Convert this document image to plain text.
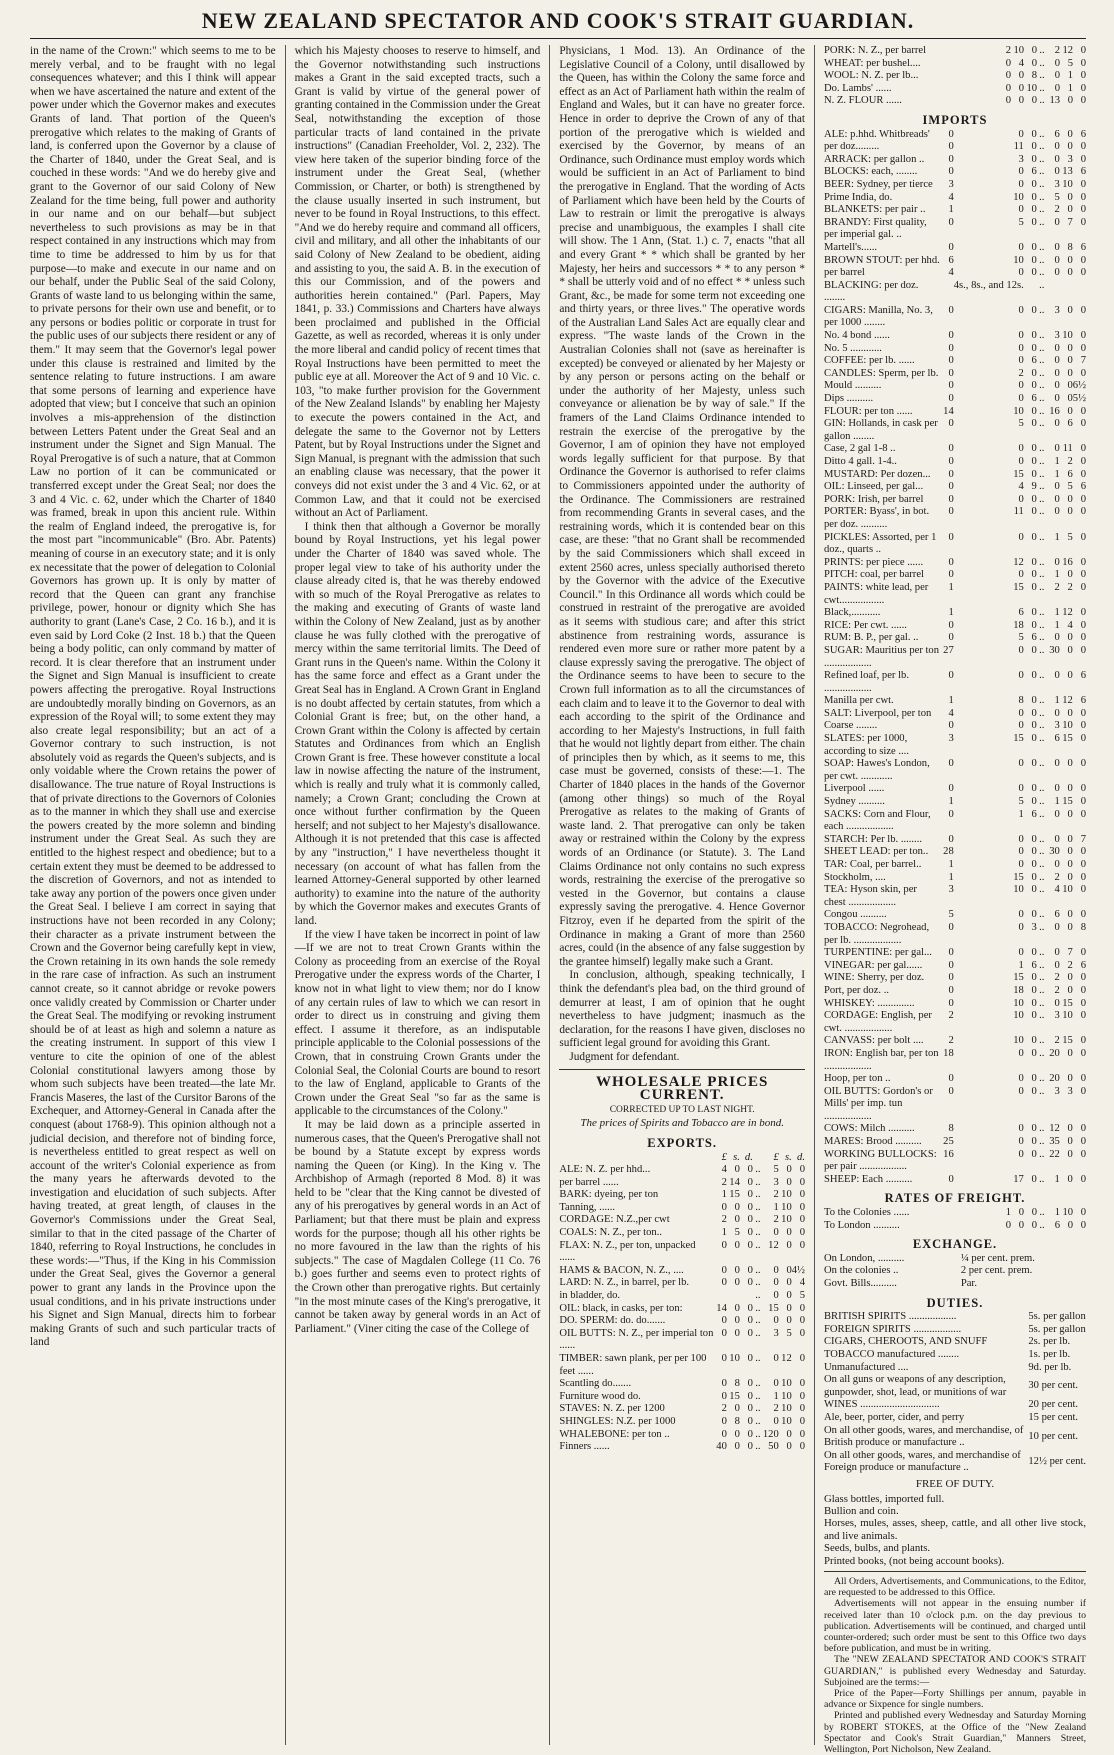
NEW ZEALAND SPECTATOR AND COOK'S STRAIT GUARDIAN.

in the name of the Crown:" which seems to me to be merely verbal, and to be fraught with no legal consequences whatever; and this I think will appear when we have ascertained the nature and extent of the power under which the Governor makes and executes Grants of land. That portion of the Queen's prerogative which relates to the making of Grants of land, is conferred upon the Governor by a clause of the Charter of 1840, under the Great Seal, and is couched in these words: "And we do hereby give and grant to the Governor of our said Colony of New Zealand for the time being, full power and authority in our name and on our behalf—but subject nevertheless to such provisions as may be in that respect contained in any instructions which may from time to time be addressed to him by us for that purpose—to make and execute in our name and on our behalf, under the Public Seal of the said Colony, Grants of waste land to us belonging within the same, to private persons for their own use and benefit, or to any persons or bodies politic or corporate in trust for the public uses of our subjects there resident or any of them." It may seem that the Governor's legal power under this clause is restrained and limited by the sentence relating to future instructions. I am aware that some persons of learning and experience have adopted that view; but I conceive that such an opinion involves a mis-apprehension of the distinction between Letters Patent under the Great Seal and an instrument under the Signet and Sign Manual. The Royal Prerogative is of such a nature, that at Common Law no portion of it can be communicated or transferred except under the Great Seal; nor does the 3 and 4 Vic. c. 62, under which the Charter of 1840 was framed, break in upon this ancient rule. Within the realm of England indeed, the prerogative is, for the most part "incommunicable" (Bro. Abr. Patents) meaning of course in an executory state; and it is only ex necessitate that the power of delegation to Colonial Governors has grown up. It is only by matter of record that the Queen can grant any franchise privilege, power, honour or dignity which She has authority to grant (Lane's Case, 2 Co. 16 b.), and it is even said by Lord Coke (2 Inst. 18 b.) that the Queen being a body politic, can only command by matter of record. It is clear therefore that an instrument under the Signet and Sign Manual is insufficient to create powers affecting the prerogative. Royal Instructions are undoubtedly morally binding on Governors, as an expression of the Royal will; to some extent they may also create legal responsibility; but an act of a Governor contrary to such instruction, is not absolutely void as regards the Queen's subjects, and is only voidable where the Crown retains the power of disallowance. The true nature of Royal Instructions is that of private directions to the Governors of Colonies as to the manner in which they shall use and exercise the powers created by the more solemn and binding instrument under the Great Seal. As such they are entitled to the highest respect and obedience; but to a certain extent they must be deemed to be addressed to the discretion of Governors, and not as intended to take away any portion of the powers once given under the Great Seal. I believe I am correct in saying that instructions have not been recorded in any Colony; their character as a private instrument between the Crown and the Governor being carefully kept in view, the Crown retaining in its own hands the sole remedy in the rare case of infraction. As such an instrument cannot create, so it cannot abridge or revoke powers once validly created by Commission or Charter under the Great Seal. The modifying or revoking instrument should be of at least as high and solemn a nature as the creating instrument. In support of this view I venture to cite the opinion of one of the ablest Colonial constitutional lawyers among those by whom such subjects have been treated—the late Mr. Francis Maseres, the last of the Cursitor Barons of the Exchequer, and Attorney-General in Canada after the conquest (about 1768-9). This opinion although not a judicial decision, and therefore not of binding force, is nevertheless entitled to great respect as well on account of the writer's Colonial experience as from the many years he afterwards devoted to the investigation and elucidation of such subjects. After having treated, at great length, of clauses in the Governor's Commissions under the Great Seal, similar to that in the cited passage of the Charter of 1840, referring to Royal Instructions, he concludes in these words:—"Thus, if the King in his Commission under the Great Seal, gives the Governor a general power to grant any lands in the Province upon the usual conditions, and in his private instructions under his Signet and Sign Manual, directs him to forbear making Grants of such and such particular tracts of land

which his Majesty chooses to reserve to himself, and the Governor notwithstanding such instructions makes a Grant in the said excepted tracts, such a Grant is valid by virtue of the general power of granting contained in the Commission under the Great Seal, notwithstanding the exception of those particular tracts of land contained in the private instructions" (Canadian Freeholder, Vol. 2, 232). The view here taken of the superior binding force of the instrument under the Great Seal, (whether Commission, or Charter, or both) is strengthened by the clause usually inserted in such instrument, but never to be found in Royal Instructions, to this effect. "And we do hereby require and command all officers, civil and military, and all other the inhabitants of our said Colony of New Zealand to be obedient, aiding and assisting to you, the said A. B. in the execution of this our Commission, and of the powers and authorities herein contained." (Parl. Papers, May 1841, p. 33.) Commissions and Charters have always been proclaimed and published in the Official Gazette, as well as recorded, whereas it is only under the more liberal and candid policy of recent times that Royal Instructions have been permitted to meet the public eye at all. Moreover the Act of 9 and 10 Vic. c. 103, "to make further provision for the Government of the New Zealand Islands" by enabling her Majesty to execute the powers contained in the Act, and delegate the same to the Governor not by Letters Patent, but by Royal Instructions under the Signet and Sign Manual, is pregnant with the admission that such an enabling clause was necessary, that the power it conveys did not exist under the 3 and 4 Vic. 62, or at Common Law, and that it could not be exercised without an Act of Parliament.

I think then that although a Governor be morally bound by Royal Instructions, yet his legal power under the Charter of 1840 was saved whole. The proper legal view to take of his authority under the clause already cited is, that he was thereby endowed with so much of the Royal Prerogative as relates to the making and executing of Grants of waste land within the Colony of New Zealand, just as by another clause he was fully clothed with the prerogative of mercy within the same territorial limits. The Deed of Grant runs in the Queen's name. Within the Colony it has the same force and effect as a Grant under the Great Seal has in England. A Crown Grant in England is no doubt affected by certain statutes, from which a Colonial Grant is free; but, on the other hand, a Crown Grant within the Colony is affected by certain Statutes and Ordinances from which an English Crown Grant is free. These however constitute a local law in nowise affecting the nature of the instrument, which is really and truly what it is commonly called, namely; a Crown Grant; concluding the Crown at once without further confirmation by the Queen herself; and not subject to her Majesty's disallowance. Although it is not pretended that this case is affected by any "instruction," I have nevertheless thought it necessary (on account of what has fallen from the learned Attorney-General supported by other learned authority) to examine into the nature of the authority by which the Governor makes and executes Grants of land.

If the view I have taken be incorrect in point of law—If we are not to treat Crown Grants within the Colony as proceeding from an exercise of the Royal Prerogative under the express words of the Charter, I know not in what light to view them; nor do I know of any certain rules of law to which we can resort in order to direct us in construing and giving them effect. I assume it therefore, as an indisputable principle applicable to the Colonial possessions of the Crown, that in construing Crown Grants under the Colonial Seal, the Colonial Courts are bound to resort to the law of England, applicable to Grants of the Crown under the Great Seal "so far as the same is applicable to the circumstances of the Colony."

It may be laid down as a principle asserted in numerous cases, that the Queen's Prerogative shall not be bound by a Statute except by express words naming the Queen (or King). In the King v. The Archbishop of Armagh (reported 8 Mod. 8) it was held to be "clear that the King cannot be divested of any of his prerogatives by general words in an Act of Parliament; but that there must be plain and express words for the purpose; though all his other rights be no more favoured in the law than the rights of his subjects." The case of Magdalen College (11 Co. 76 b.) goes further and seems even to protect rights of the Crown other than prerogative rights. But certainly "in the most minute cases of the King's prerogative, it cannot be taken away by general words in an Act of Parliament." (Viner citing the case of the College of

Physicians, 1 Mod. 13). An Ordinance of the Legislative Council of a Colony, until disallowed by the Queen, has within the Colony the same force and effect as an Act of Parliament hath within the realm of England and Wales, but it can have no greater force. Hence in order to deprive the Crown of any of that portion of the prerogative which is wielded and exercised by the Governor, by means of an Ordinance, such Ordinance must employ words which would be sufficient in an Act of Parliament to bind the prerogative in England. That the wording of Acts of Parliament which have been held by the Courts of Law to restrain or limit the prerogative is always precise and unambiguous, the examples I shall cite will show. The 1 Ann, (Stat. 1.) c. 7, enacts "that all and every Grant * * which shall be granted by her Majesty, her heirs and successors * * to any person * * shall be utterly void and of no effect * * unless such Grant, &c., be made for some term not exceeding one and thirty years, or three lives." The operative words of the Australian Land Sales Act are equally clear and express. "The waste lands of the Crown in the Australian Colonies shall not (save as hereinafter is excepted) be conveyed or alienated by her Majesty or by any person or persons acting on the behalf or under the authority of her Majesty, unless such conveyance or alienation be by way of sale." If the framers of the Land Claims Ordinance intended to restrain the exercise of the prerogative by the Governor, I am of opinion they have not employed words legally sufficient for that purpose. By that Ordinance the Governor is authorised to refer claims to Commissioners appointed under the authority of the Ordinance. The Commissioners are restrained from recommending Grants in several cases, and the restraining words, which it is contended bear on this case, are these: "that no Grant shall be recommended by the said Commissioners which shall exceed in extent 2560 acres, unless specially authorised thereto by the Governor with the advice of the Executive Council." In this Ordinance all words which could be construed in restraint of the prerogative are avoided as it seems with studious care; and after this strict abstinence from restraining words, assurance is rendered even more sure or rather more patent by a clause expressly saving the prerogative. The object of the Ordinance seems to have been to secure to the Crown full information as to all the circumstances of each claim and to leave it to the Governor to deal with each according to the spirit of the Ordinance and according to her Majesty's Instructions, in full faith that he would not lightly depart from either. The chain of principles then by which, as it seems to me, this case must be governed, consists of these:—1. The Charter of 1840 places in the hands of the Governor (among other things) so much of the Royal Prerogative as relates to the making of Grants of waste land. 2. That prerogative can only be taken away or restrained within the Colony by the express words of an Ordinance (or Statute). 3. The Land Claims Ordinance not only contains no such express words, restraining the exercise of the prerogative so vested in the Governor, but contains a clause expressly saving the prerogative. 4. Hence Governor Fitzroy, even if he departed from the spirit of the Ordinance in making a Grant of more than 2560 acres, could (in the absence of any false suggestion by the grantee himself) legally make such a Grant.

In conclusion, although, speaking technically, I think the defendant's plea bad, on the third ground of demurrer at least, I am of opinion that he ought nevertheless to have judgment; inasmuch as the declaration, for the reasons I have given, discloses no sufficient legal ground for avoiding this Grant.

Judgment for defendant.

WHOLESALE PRICES CURRENT.
CORRECTED UP TO LAST NIGHT.
The prices of Spirits and Tobacco are in bond.
EXPORTS.
	£	s.	d.		£	s.	d.
ALE: N. Z. per hhd...	4	0	0	..	5	0	0
per barrel ......	2	14	0	..	3	0	0
BARK: dyeing, per ton	1	15	0	..	2	10	0
Tanning, ......	0	0	0	..	1	10	0
CORDAGE: N.Z.,per cwt	2	0	0	..	2	10	0
COALS: N. Z., per ton..	1	5	0	..	0	0	0
FLAX: N. Z., per ton, unpacked ......	0	0	0	..	12	0	0
HAMS & BACON, N. Z., ....	0	0	0	..	0	0	4½
LARD: N. Z., in barrel, per lb.	0	0	0	..	0	0	4
in bladder, do.				..	0	0	5
OIL: black, in casks, per ton:	14	0	0	..	15	0	0
DO. SPERM: do. do.......	0	0	0	..	0	0	0
OIL BUTTS: N. Z., per imperial ton ......	0	0	0	..	3	5	0
TIMBER: sawn plank, per per 100 feet ......	0	10	0	..	0	12	0
Scantling do.......	0	8	0	..	0	10	0
Furniture wood do.	0	15	0	..	1	10	0
STAVES: N. Z. per 1200	2	0	0	..	2	10	0
SHINGLES: N.Z. per 1000	0	8	0	..	0	10	0
WHALEBONE: per ton ..	0	0	0	..	120	0	0
Finners ......	40	0	0	..	50	0	0
PORK: N. Z., per barrel	2	10	0	..	2	12	0
WHEAT: per bushel....	0	4	0	..	0	5	0
WOOL: N. Z. per lb...	0	0	8	..	0	1	0
Do. Lambs' ......	0	0	10	..	0	1	0
N. Z. FLOUR ......	0	0	0	..	13	0	0
IMPORTS
ALE: p.hhd. Whitbreads'	0	0	0	..	6	0	6
per doz.........	0	11	0	..	0	0	0
ARRACK: per gallon ..	0	3	0	..	0	3	0
BLOCKS: each, ........	0	0	6	..	0	13	6
BEER: Sydney, per tierce	3	0	0	..	3	10	0
Prime India, do.	4	10	0	..	5	0	0
BLANKETS: per pair ..	1	0	0	..	2	0	0
BRANDY: First quality, per imperial gal. ..	0	5	0	..	0	7	0
Martell's......	0	0	0	..	0	8	6
BROWN STOUT: per hhd.	6	10	0	..	0	0	0
per barrel	4	0	0	..	0	0	0
BLACKING: per doz. ........		4s., 8s., and 12s.		..			
CIGARS: Manilla, No. 3, per 1000 ........	0	0	0	..	3	0	0
No. 4 bond ......	0	0	0	..	3	10	0
No. 5 ............	0	0	0	..	0	0	0
COFFEE: per lb. ......	0	0	6	..	0	0	7
CANDLES: Sperm, per lb.	0	2	0	..	0	0	0
Mould ..........	0	0	0	..	0	0	6½
Dips ..........	0	0	6	..	0	0	5½
FLOUR: per ton ......	14	10	0	..	16	0	0
GIN: Hollands, in cask per gallon ........	0	5	0	..	0	6	0
Case, 2 gal 1-8 ..	0	0	0	..	0	11	0
Ditto 4 gall. 1-4..	0	0	0	..	1	2	0
MUSTARD: Per dozen...	0	15	0	..	1	6	0
OIL: Linseed, per gal...	0	4	9	..	0	5	6
PORK: Irish, per barrel	0	0	0	..	0	0	0
PORTER: Byass', in bot. per doz. ..........	0	11	0	..	0	0	0
PICKLES: Assorted, per 1 doz., quarts ..	0	0	0	..	1	5	0
PRINTS: per piece ......	0	12	0	..	0	16	0
PITCH: coal, per barrel	0	0	0	..	1	0	0
PAINTS: white lead, per cwt.................	1	15	0	..	2	2	0
Black,...........	1	6	0	..	1	12	0
RICE: Per cwt. ......	0	18	0	..	1	4	0
RUM: B. P., per gal. ..	0	5	6	..	0	0	0
SUGAR: Mauritius per ton ..................	27	0	0	..	30	0	0
Refined loaf, per lb. ..................	0	0	0	..	0	0	6
Manilla per cwt.	1	8	0	..	1	12	6
SALT: Liverpool, per ton	4	0	0	..	0	0	0
Coarse ........	0	0	0	..	3	10	0
SLATES: per 1000, according to size ....	3	15	0	..	6	15	0
SOAP: Hawes's London, per cwt. ............	0	0	0	..	0	0	0
Liverpool ......	0	0	0	..	0	0	0
Sydney ..........	1	5	0	..	1	15	0
SACKS: Corn and Flour, each ..................	0	1	6	..	0	0	0
STARCH: Per lb. ........	0	0	0	..	0	0	7
SHEET LEAD: per ton..	28	0	0	..	30	0	0
TAR: Coal, per barrel..	1	0	0	..	0	0	0
Stockholm, ....	1	15	0	..	2	0	0
TEA: Hyson skin, per chest ..................	3	10	0	..	4	10	0
Congou ..........	5	0	0	..	6	0	0
TOBACCO: Negrohead, per lb. ..................	0	0	3	..	0	0	8
TURPENTINE: per gal...	0	0	0	..	0	7	0
VINEGAR: per gal......	0	1	6	..	0	2	6
WINE: Sherry, per doz.	0	15	0	..	2	0	0
Port, per doz. ..	0	18	0	..	2	0	0
WHISKEY: ..............	0	10	0	..	0	15	0
CORDAGE: English, per cwt. ..................	2	10	0	..	3	10	0
CANVASS: per bolt ....	2	10	0	..	2	15	0
IRON: English bar, per ton ..................	18	0	0	..	20	0	0
Hoop, per ton ..	0	0	0	..	20	0	0
OIL BUTTS: Gordon's or Mills' per imp. tun ..................	0	0	0	..	3	3	0
COWS: Milch ..........	8	0	0	..	12	0	0
MARES: Brood ..........	25	0	0	..	35	0	0
WORKING BULLOCKS: per pair ..................	16	0	0	..	22	0	0
SHEEP: Each ..........	0	17	0	..	1	0	0
RATES OF FREIGHT.
To the Colonies ......	1	0	0	..	1	10	0
To London ..........	0	0	0	..	6	0	0
EXCHANGE.
On London, ..........	¼ per cent. prem.
On the colonies ..	2 per cent. prem.
Govt. Bills..........	Par.
DUTIES.
BRITISH SPIRITS ..................	5s. per gallon
FOREIGN SPIRITS ..................	5s. per gallon
CIGARS, CHEROOTS, AND SNUFF	2s. per lb.
TOBACCO manufactured ........	1s. per lb.
Unmanufactured ....	9d. per lb.
On all guns or weapons of any description, gunpowder, shot, lead, or munitions of war	30 per cent.
WINES ..............................	20 per cent.
Ale, beer, porter, cider, and perry	15 per cent.
On all other goods, wares, and merchandise, of British produce or manufacture ..	10 per cent.
On all other goods, wares, and merchandise of Foreign produce or manufacture ..	12½ per cent.
FREE OF DUTY.
Glass bottles, imported full.
Bullion and coin.
Horses, mules, asses, sheep, cattle, and all other live stock, and live animals.
Seeds, bulbs, and plants.
Printed books, (not being account books).

All Orders, Advertisements, and Communications, to the Editor, are requested to be addressed to this Office.

Advertisements will not appear in the ensuing number if received later than 10 o'clock p.m. on the day previous to publication. Advertisements will be continued, and charged until counter-ordered; such order must be sent to this Office two days before publication, and must be in writing.

The "NEW ZEALAND SPECTATOR AND COOK'S STRAIT GUARDIAN," is published every Wednesday and Saturday. Subjoined are the terms:—

Price of the Paper—Forty Shillings per annum, payable in advance or Sixpence for single numbers.

Printed and published every Wednesday and Saturday Morning by ROBERT STOKES, at the Office of the "New Zealand Spectator and Cook's Strait Guardian," Manners Street, Wellington, Port Nicholson, New Zealand.
